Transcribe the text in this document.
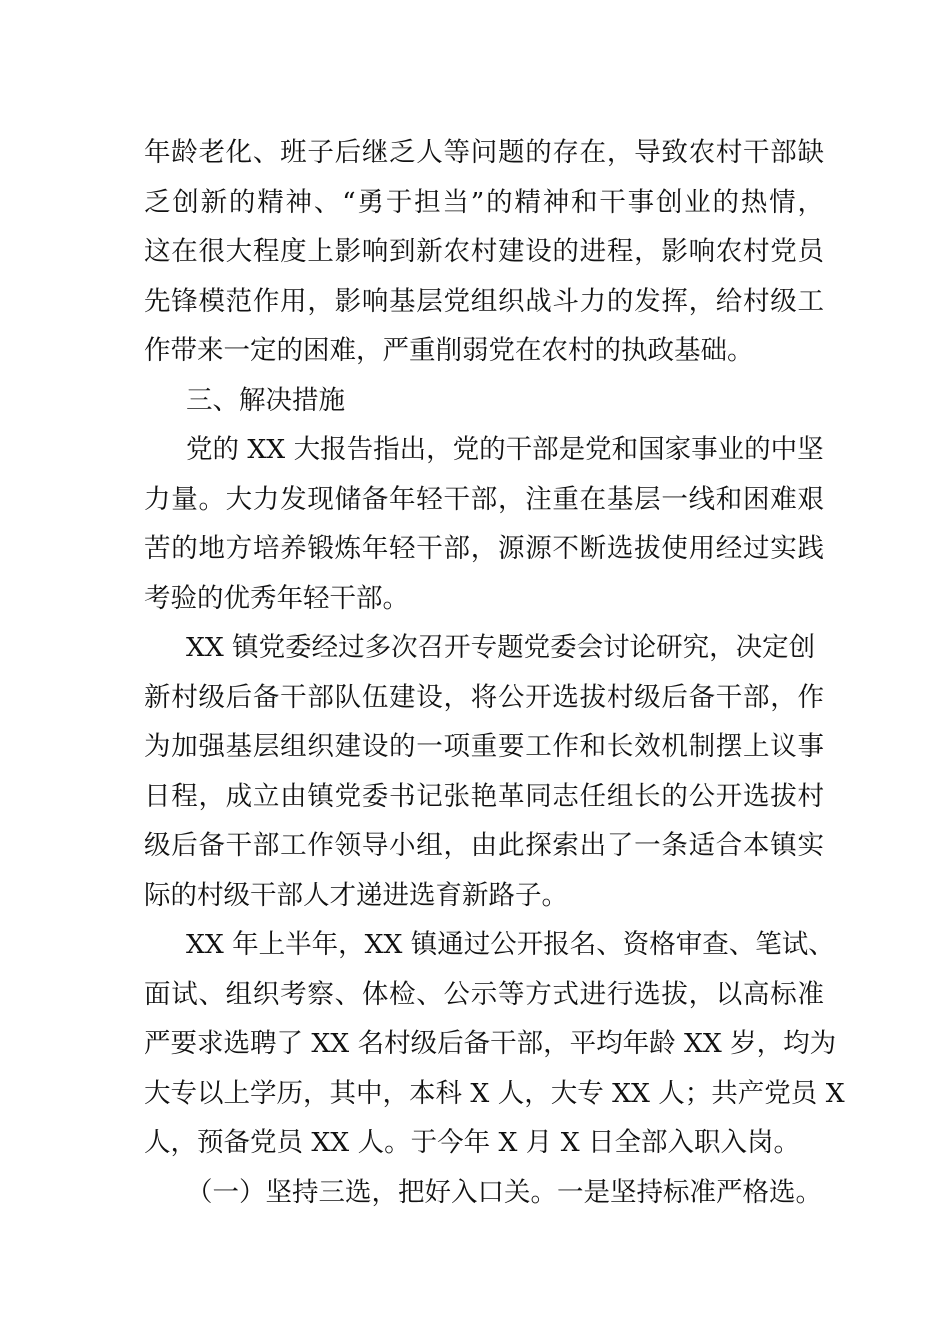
年龄老化、班子后继乏人等问题的存在，导致农村干部缺
乏创新的精神、“勇于担当”的精神和干事创业的热情，
这在很大程度上影响到新农村建设的进程，影响农村党员
先锋模范作用，影响基层党组织战斗力的发挥，给村级工
作带来一定的困难，严重削弱党在农村的执政基础。
三、解决措施
党的 XX 大报告指出，党的干部是党和国家事业的中坚
力量。大力发现储备年轻干部，注重在基层一线和困难艰
苦的地方培养锻炼年轻干部，源源不断选拔使用经过实践
考验的优秀年轻干部。
XX 镇党委经过多次召开专题党委会讨论研究，决定创
新村级后备干部队伍建设，将公开选拔村级后备干部，作
为加强基层组织建设的一项重要工作和长效机制摆上议事
日程，成立由镇党委书记张艳革同志任组长的公开选拔村
级后备干部工作领导小组，由此探索出了一条适合本镇实
际的村级干部人才递进选育新路子。
XX 年上半年，XX 镇通过公开报名、资格审查、笔试、
面试、组织考察、体检、公示等方式进行选拔，以高标准
严要求选聘了 XX 名村级后备干部，平均年龄 XX 岁，均为
大专以上学历，其中，本科 X 人，大专 XX 人；共产党员 X
人，预备党员 XX 人。于今年 X 月 X 日全部入职入岗。
（一）坚持三选，把好入口关。一是坚持标准严格选。
